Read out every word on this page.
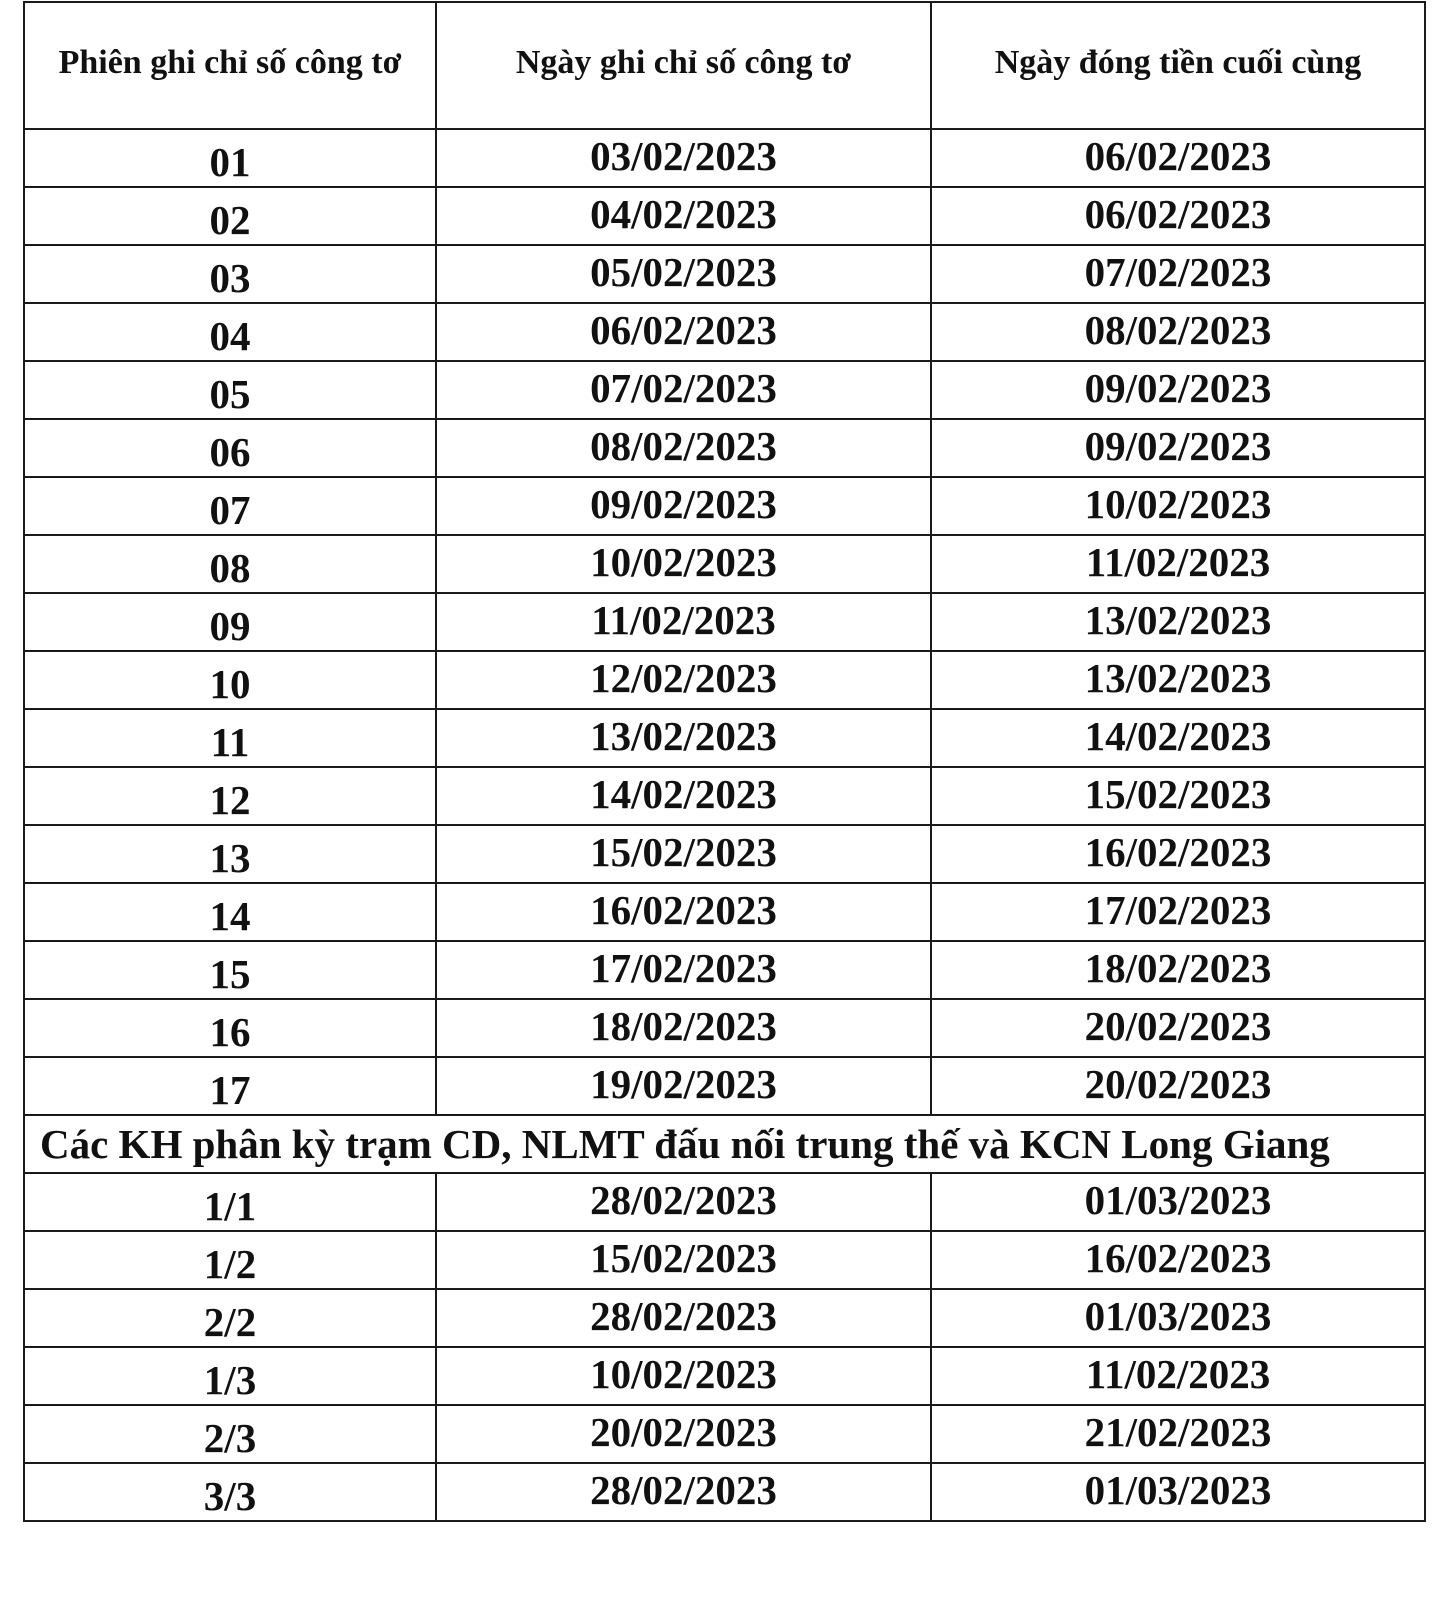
Phiên ghi chỉ số công tơ	Ngày ghi chỉ số công tơ	Ngày đóng tiền cuối cùng
01	03/02/2023	06/02/2023
02	04/02/2023	06/02/2023
03	05/02/2023	07/02/2023
04	06/02/2023	08/02/2023
05	07/02/2023	09/02/2023
06	08/02/2023	09/02/2023
07	09/02/2023	10/02/2023
08	10/02/2023	11/02/2023
09	11/02/2023	13/02/2023
10	12/02/2023	13/02/2023
11	13/02/2023	14/02/2023
12	14/02/2023	15/02/2023
13	15/02/2023	16/02/2023
14	16/02/2023	17/02/2023
15	17/02/2023	18/02/2023
16	18/02/2023	20/02/2023
17	19/02/2023	20/02/2023
Các KH phân kỳ trạm CD, NLMT đấu nối trung thế và KCN Long Giang		
1/1	28/02/2023	01/03/2023
1/2	15/02/2023	16/02/2023
2/2	28/02/2023	01/03/2023
1/3	10/02/2023	11/02/2023
2/3	20/02/2023	21/02/2023
3/3	28/02/2023	01/03/2023
